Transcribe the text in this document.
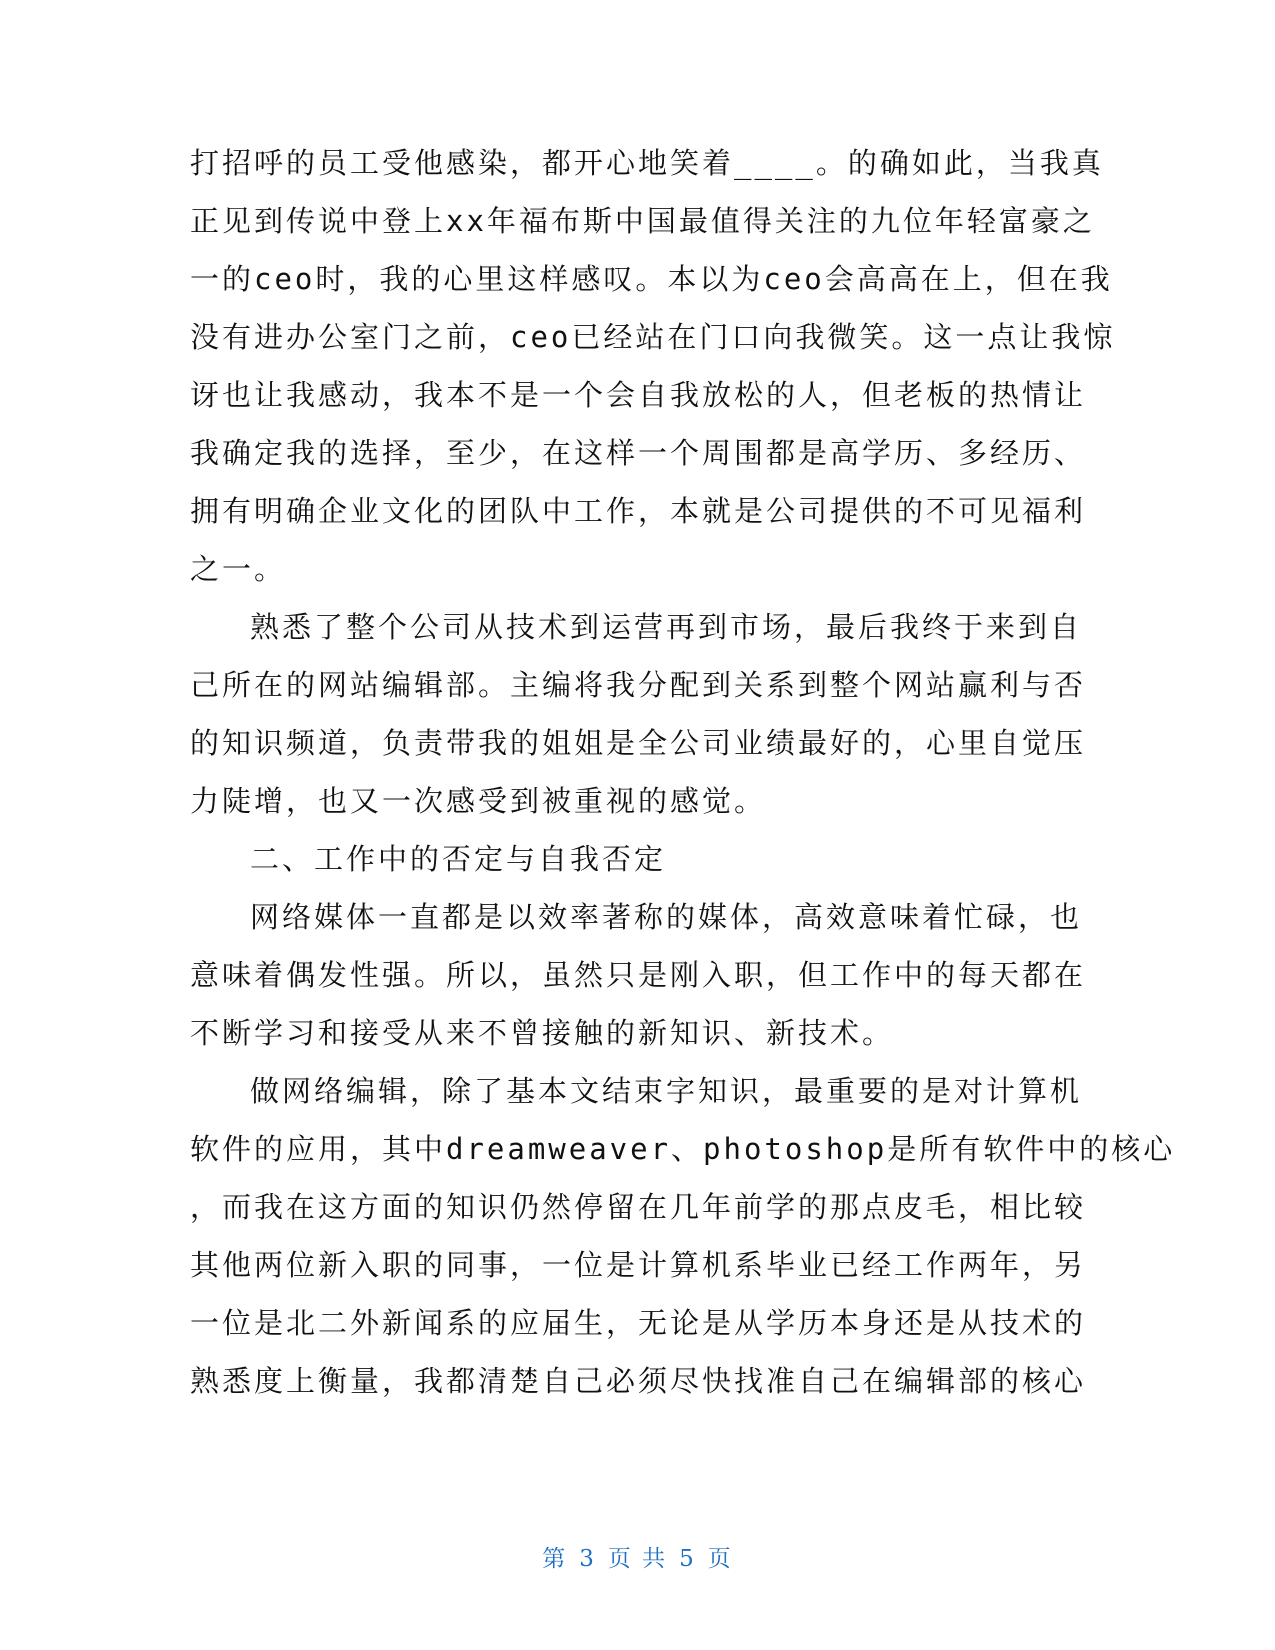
打招呼的员工受他感染，都开心地笑着____。的确如此，当我真
正见到传说中登上xx年福布斯中国最值得关注的九位年轻富豪之
一的ceo时，我的心里这样感叹。本以为ceo会高高在上，但在我
没有进办公室门之前，ceo已经站在门口向我微笑。这一点让我惊
讶也让我感动，我本不是一个会自我放松的人，但老板的热情让
我确定我的选择，至少，在这样一个周围都是高学历、多经历、
拥有明确企业文化的团队中工作，本就是公司提供的不可见福利
之一。
熟悉了整个公司从技术到运营再到市场，最后我终于来到自
己所在的网站编辑部。主编将我分配到关系到整个网站赢利与否
的知识频道，负责带我的姐姐是全公司业绩最好的，心里自觉压
力陡增，也又一次感受到被重视的感觉。
二、工作中的否定与自我否定
网络媒体一直都是以效率著称的媒体，高效意味着忙碌，也
意味着偶发性强。所以，虽然只是刚入职，但工作中的每天都在
不断学习和接受从来不曾接触的新知识、新技术。
做网络编辑，除了基本文结束字知识，最重要的是对计算机
软件的应用，其中dreamweaver、photoshop是所有软件中的核心
，而我在这方面的知识仍然停留在几年前学的那点皮毛，相比较
其他两位新入职的同事，一位是计算机系毕业已经工作两年，另
一位是北二外新闻系的应届生，无论是从学历本身还是从技术的
熟悉度上衡量，我都清楚自己必须尽快找准自己在编辑部的核心
第 3 页 共 5 页
